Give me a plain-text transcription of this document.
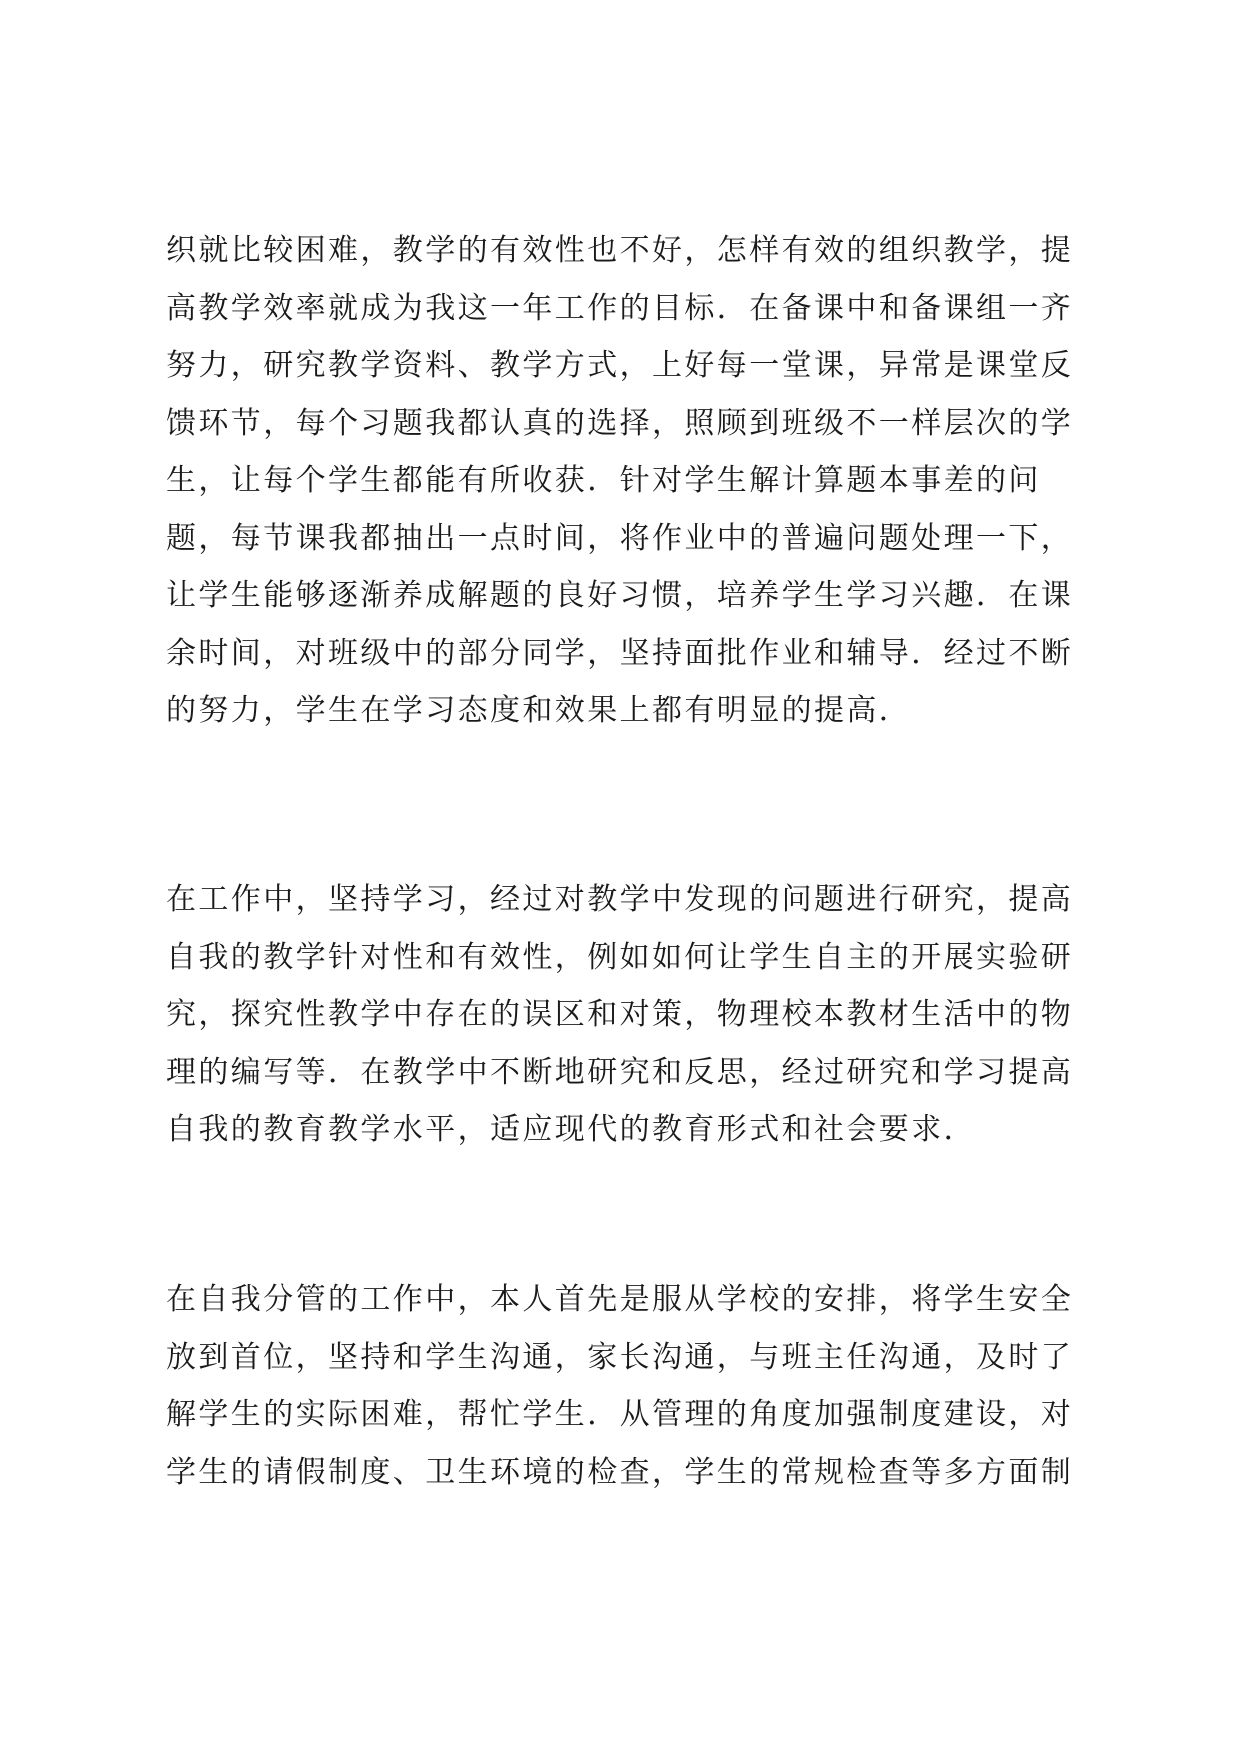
织就比较困难，教学的有效性也不好，怎样有效的组织教学，提
高教学效率就成为我这一年工作的目标．在备课中和备课组一齐
努力，研究教学资料、教学方式，上好每一堂课，异常是课堂反
馈环节，每个习题我都认真的选择，照顾到班级不一样层次的学
生，让每个学生都能有所收获．针对学生解计算题本事差的问
题，每节课我都抽出一点时间，将作业中的普遍问题处理一下，
让学生能够逐渐养成解题的良好习惯，培养学生学习兴趣．在课
余时间，对班级中的部分同学，坚持面批作业和辅导．经过不断
的努力，学生在学习态度和效果上都有明显的提高．

在工作中，坚持学习，经过对教学中发现的问题进行研究，提高
自我的教学针对性和有效性，例如如何让学生自主的开展实验研
究，探究性教学中存在的误区和对策，物理校本教材生活中的物
理的编写等．在教学中不断地研究和反思，经过研究和学习提高
自我的教育教学水平，适应现代的教育形式和社会要求．

在自我分管的工作中，本人首先是服从学校的安排，将学生安全
放到首位，坚持和学生沟通，家长沟通，与班主任沟通，及时了
解学生的实际困难，帮忙学生．从管理的角度加强制度建设，对
学生的请假制度、卫生环境的检查，学生的常规检查等多方面制
